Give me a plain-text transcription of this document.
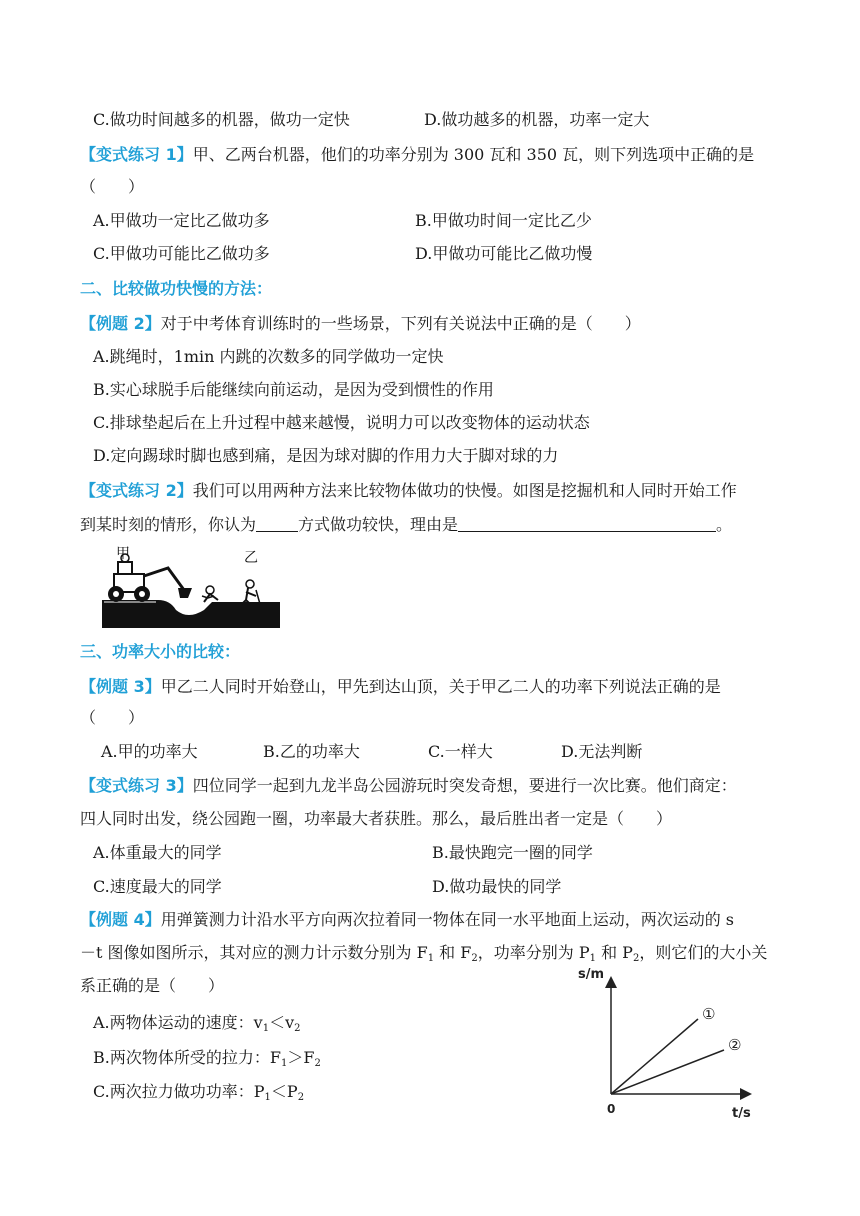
C.做功时间越多的机器，做功一定快	D.做功越多的机器，功率一定大
【变式练习 1】甲、乙两台机器，他们的功率分别为 300 瓦和 350 瓦，则下列选项中正确的是
（　　）
A.甲做功一定比乙做功多	B.甲做功时间一定比乙少
C.甲做功可能比乙做功多	D.甲做功可能比乙做功慢
二、比较做功快慢的方法：
【例题 2】对于中考体育训练时的一些场景，下列有关说法中正确的是（　　）
A.跳绳时，1min 内跳的次数多的同学做功一定快
B.实心球脱手后能继续向前运动，是因为受到惯性的作用
C.排球垫起后在上升过程中越来越慢，说明力可以改变物体的运动状态
D.定向踢球时脚也感到痛，是因为球对脚的作用力大于脚对球的力
【变式练习 2】我们可以用两种方法来比较物体做功的快慢。如图是挖掘机和人同时开始工作
到某时刻的情形，你认为	方式做功较快，理由是	。
甲	乙
三、功率大小的比较：
【例题 3】甲乙二人同时开始登山，甲先到达山顶，关于甲乙二人的功率下列说法正确的是
（　　）
A.甲的功率大	B.乙的功率大	C.一样大	D.无法判断
【变式练习 3】四位同学一起到九龙半岛公园游玩时突发奇想，要进行一次比赛。他们商定：
四人同时出发，绕公园跑一圈，功率最大者获胜。那么，最后胜出者一定是（　　）
A.体重最大的同学	B.最快跑完一圈的同学
C.速度最大的同学	D.做功最快的同学
【例题 4】用弹簧测力计沿水平方向两次拉着同一物体在同一水平地面上运动，两次运动的 s
－t 图像如图所示，其对应的测力计示数分别为 $F_1$ 和 $F_2$，功率分别为 $P_1$ 和 $P_2$，则它们的大小关
系正确的是（　　）
A.两物体运动的速度：$v_1<v_2$
B.两次物体所受的拉力：$F_1>F_2$
C.两次拉力做功功率：$P_1<P_2$
s/m
t/s
0
①
②
